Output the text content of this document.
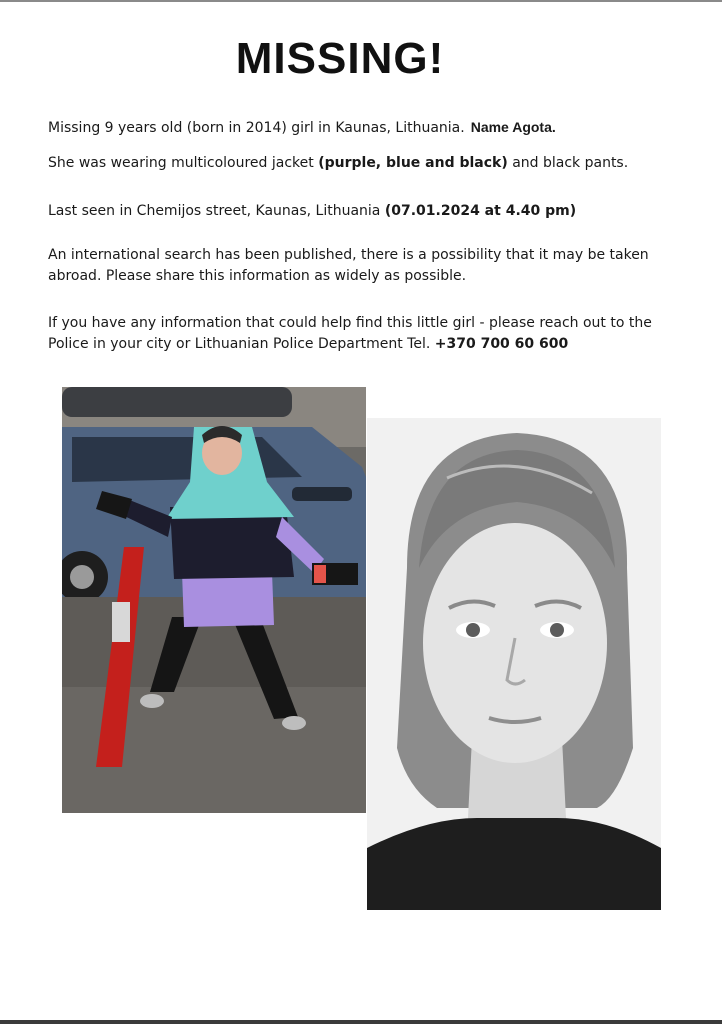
MISSING!
Missing 9 years old (born in 2014) girl in Kaunas, Lithuania. Name Agota.
She was wearing multicoloured jacket (purple, blue and black) and black pants.
Last seen in Chemijos street, Kaunas, Lithuania (07.01.2024 at 4.40 pm)
An international search has been published, there is a possibility that it may be taken abroad. Please share this information as widely as possible.
If you have any information that could help find this little girl - please reach out to the Police in your city or Lithuanian Police Department Tel. +370 700 60 600
